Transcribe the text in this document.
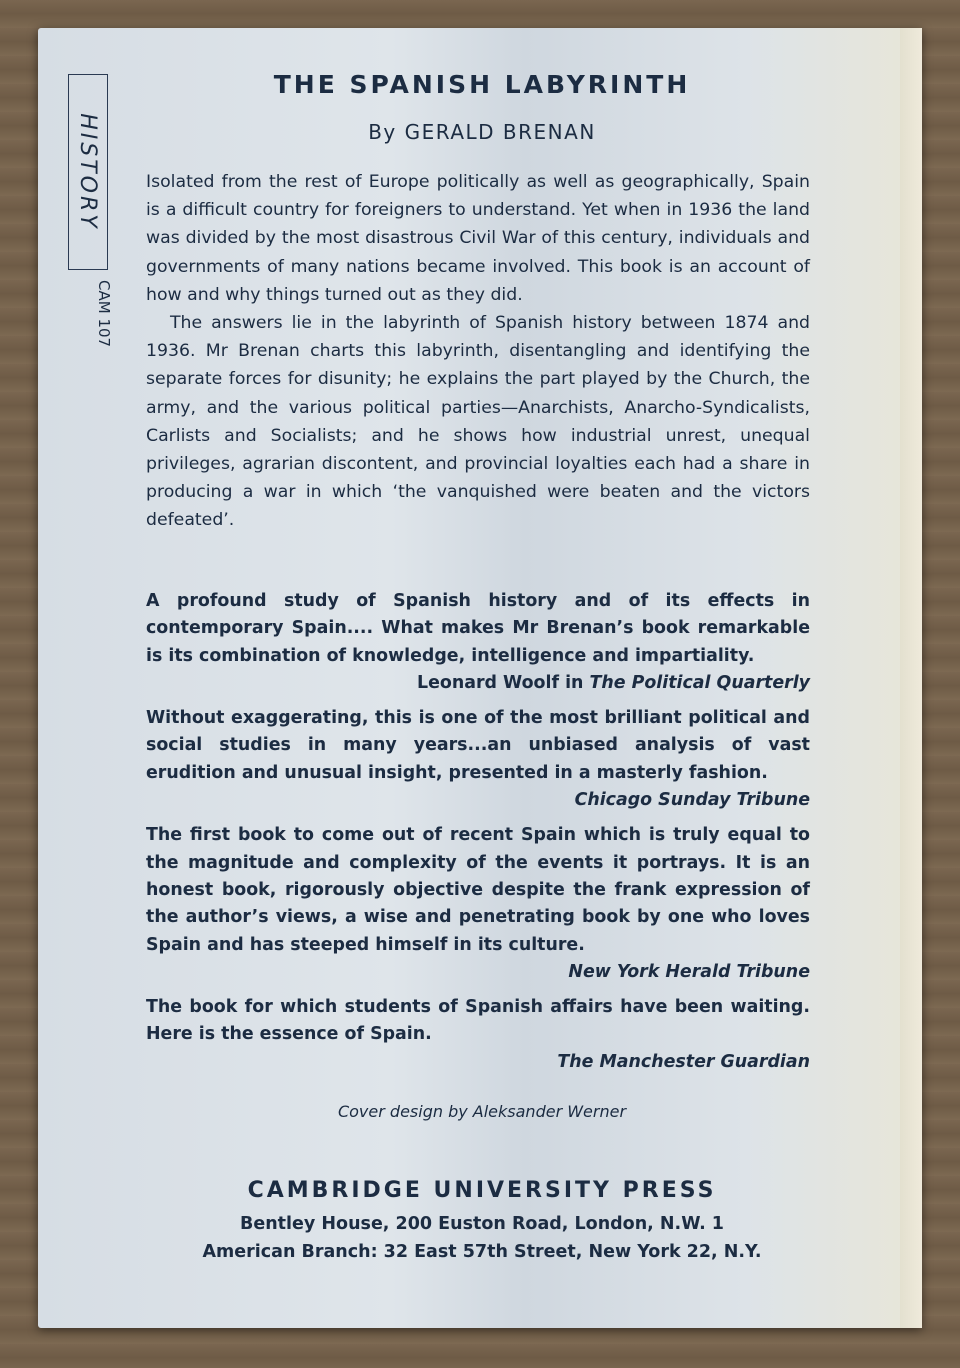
HISTORY
CAM 107
THE SPANISH LABYRINTH
By GERALD BRENAN

Isolated from the rest of Europe politically as well as geographically, Spain is a difficult country for foreigners to understand. Yet when in 1936 the land was divided by the most disastrous Civil War of this century, individuals and governments of many nations became involved. This book is an account of how and why things turned out as they did.

The answers lie in the labyrinth of Spanish history between 1874 and 1936. Mr Brenan charts this labyrinth, disentangling and identifying the separate forces for disunity; he explains the part played by the Church, the army, and the various political parties—Anarchists, Anarcho-Syndicalists, Carlists and Socialists; and he shows how industrial unrest, unequal privileges, agrarian discontent, and provincial loyalties each had a share in producing a war in which ‘the vanquished were beaten and the victors defeated’.

A profound study of Spanish history and of its effects in contemporary Spain.... What makes Mr Brenan’s book remarkable is its combination of knowledge, intelligence and impartiality.
Leonard Woolf in The Political Quarterly
Without exaggerating, this is one of the most brilliant political and social studies in many years...an unbiased analysis of vast erudition and unusual insight, presented in a masterly fashion.
Chicago Sunday Tribune
The first book to come out of recent Spain which is truly equal to the magnitude and complexity of the events it portrays. It is an honest book, rigorously objective despite the frank expression of the author’s views, a wise and penetrating book by one who loves Spain and has steeped himself in its culture.
New York Herald Tribune
The book for which students of Spanish affairs have been waiting. Here is the essence of Spain.
The Manchester Guardian
Cover design by Aleksander Werner
CAMBRIDGE UNIVERSITY PRESS
Bentley House, 200 Euston Road, London, N.W. 1
American Branch: 32 East 57th Street, New York 22, N.Y.
